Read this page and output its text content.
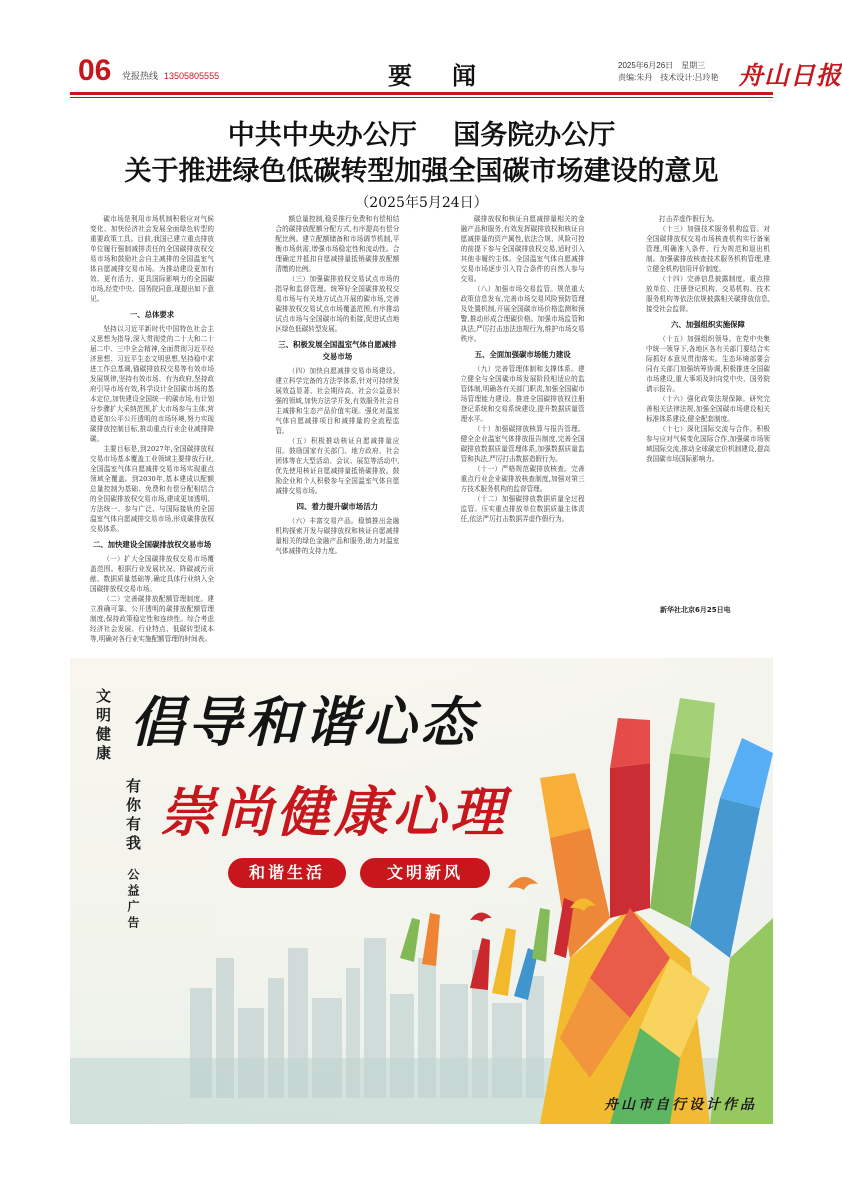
06 党报热线 13505805555	要　闻	2025年6月26日　星期三
责编:朱丹　技术设计:吕玲艳 舟山日报
中共中央办公厅　 国务院办公厅
关于推进绿色低碳转型加强全国碳市场建设的意见
（2025年5月24日）

碳市场是利用市场机制积极应对气候变化、加快经济社会发展全面绿色转型的重要政策工具。目前,我国已建立重点排放单位履行强制减排责任的全国碳排放权交易市场和鼓励社会自主减排的全国温室气体自愿减排交易市场。为推动建设更加有效、更有活力、更具国际影响力的全国碳市场,经党中央、国务院同意,现提出如下意见。

一、总体要求

坚持以习近平新时代中国特色社会主义思想为指导,深入贯彻党的二十大和二十届二中、三中全会精神,全面贯彻习近平经济思想、习近平生态文明思想,坚持稳中求进工作总基调,锚碳排放权交易等有效市场发展规律,坚持有效市场、有为政府,坚持政府引导市场有效,科学设计全国碳市场的基本定位,加快建设全国统一的碳市场,有计划分步骤扩大采纳范围,扩大市场参与主体,营造更加公平公开透明的市场环境,努力实现碳排放控制目标,推动重点行业企业减排降碳。

主要目标是,到2027年,全国碳排放权交易市场基本覆盖工业领域主要排放行业,全国温室气体自愿减排交易市场实现重点领域全覆盖。到2030年,基本建成以配额总量控制为基础、免费和有偿分配相结合的全国碳排放权交易市场,建成更加透明、方法统一、参与广泛、与国际接轨的全国温室气体自愿减排交易市场,形成碳排放权交易体系。

二、加快建设全国碳排放权交易市场

（一）扩大全国碳排放权交易市场覆盖范围。根据行业发展状况、降碳减污贡献、数据质量基础等,确定具体行业纳入全国碳排放权交易市场。

（二）完善碳排放配额管理制度。建立准确可靠、公开透明的碳排放配额管理制度,保持政策稳定性和连续性。综合考虑经济社会发展、行业特点、低碳转型成本等,明确对各行业实施配额管理的时间表。

额总量控制,稳妥推行免费和有偿相结合的碳排放配额分配方式,有序提高有偿分配比例。建立配额储备和市场调节机制,平衡市场供需,增强市场稳定性和流动性。合理确定并抵扣自愿减排量抵销碳排放配额清缴的比例。

（三）加强碳排放权交易试点市场的指导和监督管理。统筹好全国碳排放权交易市场与有关地方试点开展的碳市场,完善碳排放权交易试点市场覆盖范围,有序推动试点市场与全国碳市场的衔接,促进试点地区绿色低碳转型发展。

三、积极发展全国温室气体自愿减排交易市场

（四）加快自愿减排交易市场建设。建立科学完备的方法学体系,针对可持续发展效益显著、社会期待高、社会公益意识强的领域,加快方法学开发,有效服务社会自主减排和生态产品价值实现。强化对温室气体自愿减排项目和减排量的全流程监管。

（五）积极推动核证自愿减排量应用。鼓励国家有关部门、地方政府、社会团体等在大型活动、会议、展览等活动中,优先使用核证自愿减排量抵销碳排放。鼓励企业和个人积极参与全国温室气体自愿减排交易市场。

四、着力提升碳市场活力

（六）丰富交易产品。稳慎推出金融机构探索开发与碳排放权和核证自愿减排量相关的绿色金融产品和服务,助力对温室气体减排的支持力度。

碳排放权和核证自愿减排量相关的金融产品和服务,有效发挥碳排放权和核证自愿减排量的资产属性,依法合规、风险可控的前提下参与全国碳排放权交易,适时引入其他非履约主体。全国温室气体自愿减排交易市场逐步引入符合条件的自然人参与交易。

（八）加强市场交易监管。规范重大政策信息发布,完善市场交易风险预防管理及处置机制,开展全国碳市场价格监测和预警,推动形成合理碳价格。加强市场监管和执法,严厉打击违法违规行为,维护市场交易秩序。

五、全面加强碳市场能力建设

（九）完善管理体制和支撑体系。建立健全与全国碳市场发展阶段相适应的监管体制,明确各有关部门职责,加强全国碳市场管理能力建设。推进全国碳排放权注册登记系统和交易系统建设,提升数据质量管理水平。

（十）加强碳排放核算与报告管理。健全企业温室气体排放报告制度,完善全国碳排放数据质量管理体系,加强数据质量监管和执法,严厉打击数据造假行为。

（十一）严格规范碳排放核查。完善重点行业企业碳排放核查制度,加强对第三方技术服务机构的监督管理。

（十二）加强碳排放数据质量全过程监管。压实重点排放单位数据质量主体责任,依法严厉打击数据弄虚作假行为。

打击弄虚作假行为。

（十三）加强技术服务机构监管。对全国碳排放权交易市场核查机构实行备案管理,明确准入条件、行为规范和退出机制。加强碳排放核查技术服务机构管理,建立健全机构信用评价制度。

（十四）完善信息披露制度。重点排放单位、注册登记机构、交易机构、技术服务机构等依法依规披露相关碳排放信息,接受社会监督。

六、加强组织实施保障

（十五）加强组织领导。在党中央集中统一领导下,各地区各有关部门要结合实际抓好本意见贯彻落实。生态环境部要会同有关部门加强统筹协调,积极推进全国碳市场建设,重大事项及时向党中央、国务院请示报告。

（十六）强化政策法规保障。研究完善相关法律法规,加强全国碳市场建设相关标准体系建设,健全配套制度。

（十七）深化国际交流与合作。积极参与应对气候变化国际合作,加强碳市场领域国际交流,推动全球碳定价机制建设,提高我国碳市场国际影响力。

新华社北京6月25日电
文明健康
有你有我
公益广告
倡导和谐心态
崇尚健康心理
和谐生活	文明新风
舟山市自行设计作品
